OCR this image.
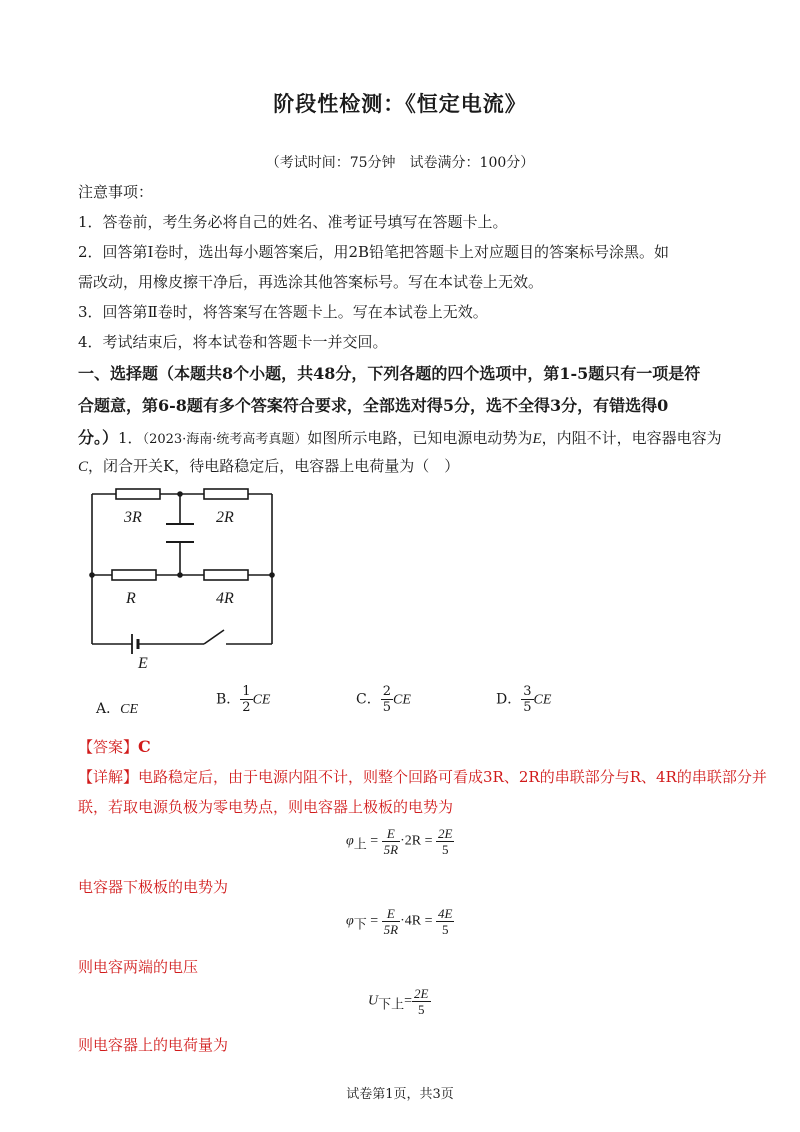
阶段性检测：《恒定电流》
（考试时间：75分钟　试卷满分：100分）
注意事项：
1．答卷前，考生务必将自己的姓名、准考证号填写在答题卡上。
2．回答第Ⅰ卷时，选出每小题答案后，用2B铅笔把答题卡上对应题目的答案标号涂黑。如
需改动，用橡皮擦干净后，再选涂其他答案标号。写在本试卷上无效。
3．回答第Ⅱ卷时，将答案写在答题卡上。写在本试卷上无效。
4．考试结束后，将本试卷和答题卡一并交回。
一、选择题（本题共8个小题，共48分，下列各题的四个选项中，第1-5题只有一项是符
合题意，第6-8题有多个答案符合要求，全部选对得5分，选不全得3分，有错选得0
分。）1．（2023·海南·统考高考真题）如图所示电路，已知电源电动势为E，内阻不计，电容器电容为
C，闭合开关K，待电路稳定后，电容器上电荷量为（　）
3R	2R
R	4R
E
A．CE
B． $\frac{1}{2}$ CE	C． $\frac{2}{5}$ CE	D． $\frac{3}{5}$ CE
【答案】C
【详解】电路稳定后，由于电源内阻不计，则整个回路可看成3R、2R的串联部分与R、4R的串联部分并
联，若取电源负极为零电势点，则电容器上极板的电势为
$\varphi_上 = \frac{E}{5R} \cdot 2R = \frac{2E}{5}$
电容器下极板的电势为
$\varphi_下 = \frac{E}{5R} \cdot 4R = \frac{4E}{5}$
则电容两端的电压
$U_{下上}= \frac{2E}{5}$
则电容器上的电荷量为
试卷第1页，共3页
